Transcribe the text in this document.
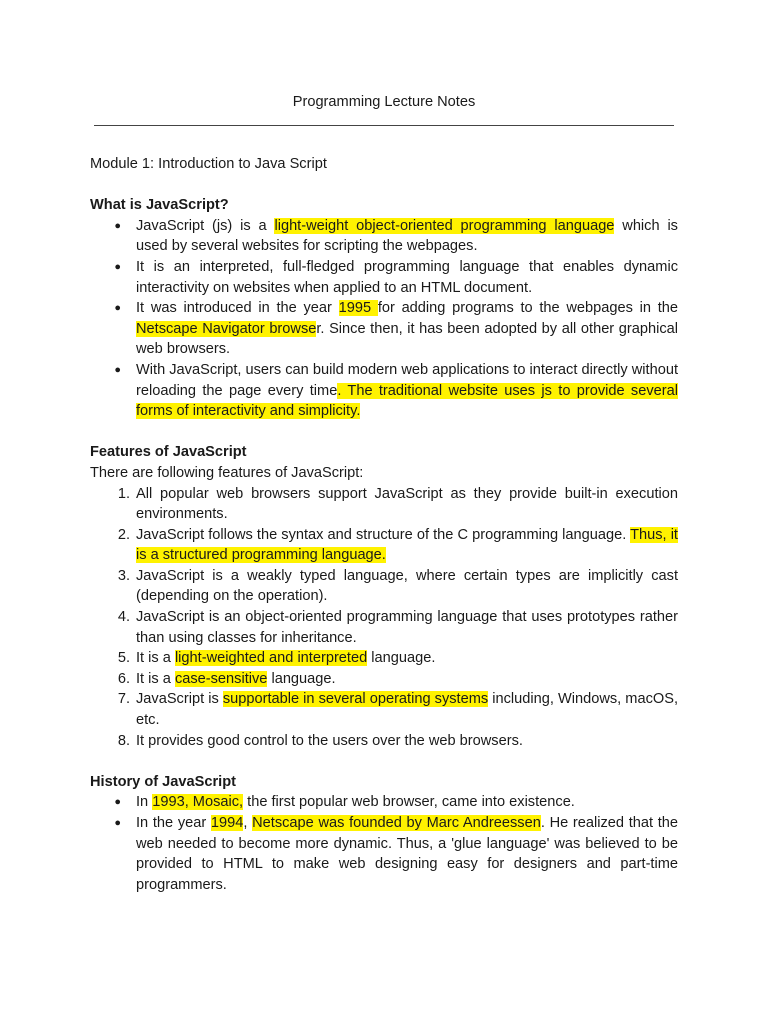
Programming Lecture Notes

Module 1: Introduction to Java Script

What is JavaScript?

● JavaScript (js) is a light-weight object-oriented programming language which is used by several websites for scripting the webpages.
● It is an interpreted, full-fledged programming language that enables dynamic interactivity on websites when applied to an HTML document.
● It was introduced in the year 1995 for adding programs to the webpages in the Netscape Navigator browser. Since then, it has been adopted by all other graphical web browsers.
● With JavaScript, users can build modern web applications to interact directly without reloading the page every time. The traditional website uses js to provide several forms of interactivity and simplicity.

Features of JavaScript

There are following features of JavaScript:

1. All popular web browsers support JavaScript as they provide built-in execution environments.
2. JavaScript follows the syntax and structure of the C programming language. Thus, it is a structured programming language.
3. JavaScript is a weakly typed language, where certain types are implicitly cast (depending on the operation).
4. JavaScript is an object-oriented programming language that uses prototypes rather than using classes for inheritance.
5. It is a light-weighted and interpreted language.
6. It is a case-sensitive language.
7. JavaScript is supportable in several operating systems including, Windows, macOS, etc.
8. It provides good control to the users over the web browsers.

History of JavaScript

● In 1993, Mosaic, the first popular web browser, came into existence.
● In the year 1994, Netscape was founded by Marc Andreessen. He realized that the web needed to become more dynamic. Thus, a 'glue language' was believed to be provided to HTML to make web designing easy for designers and part-time programmers.
